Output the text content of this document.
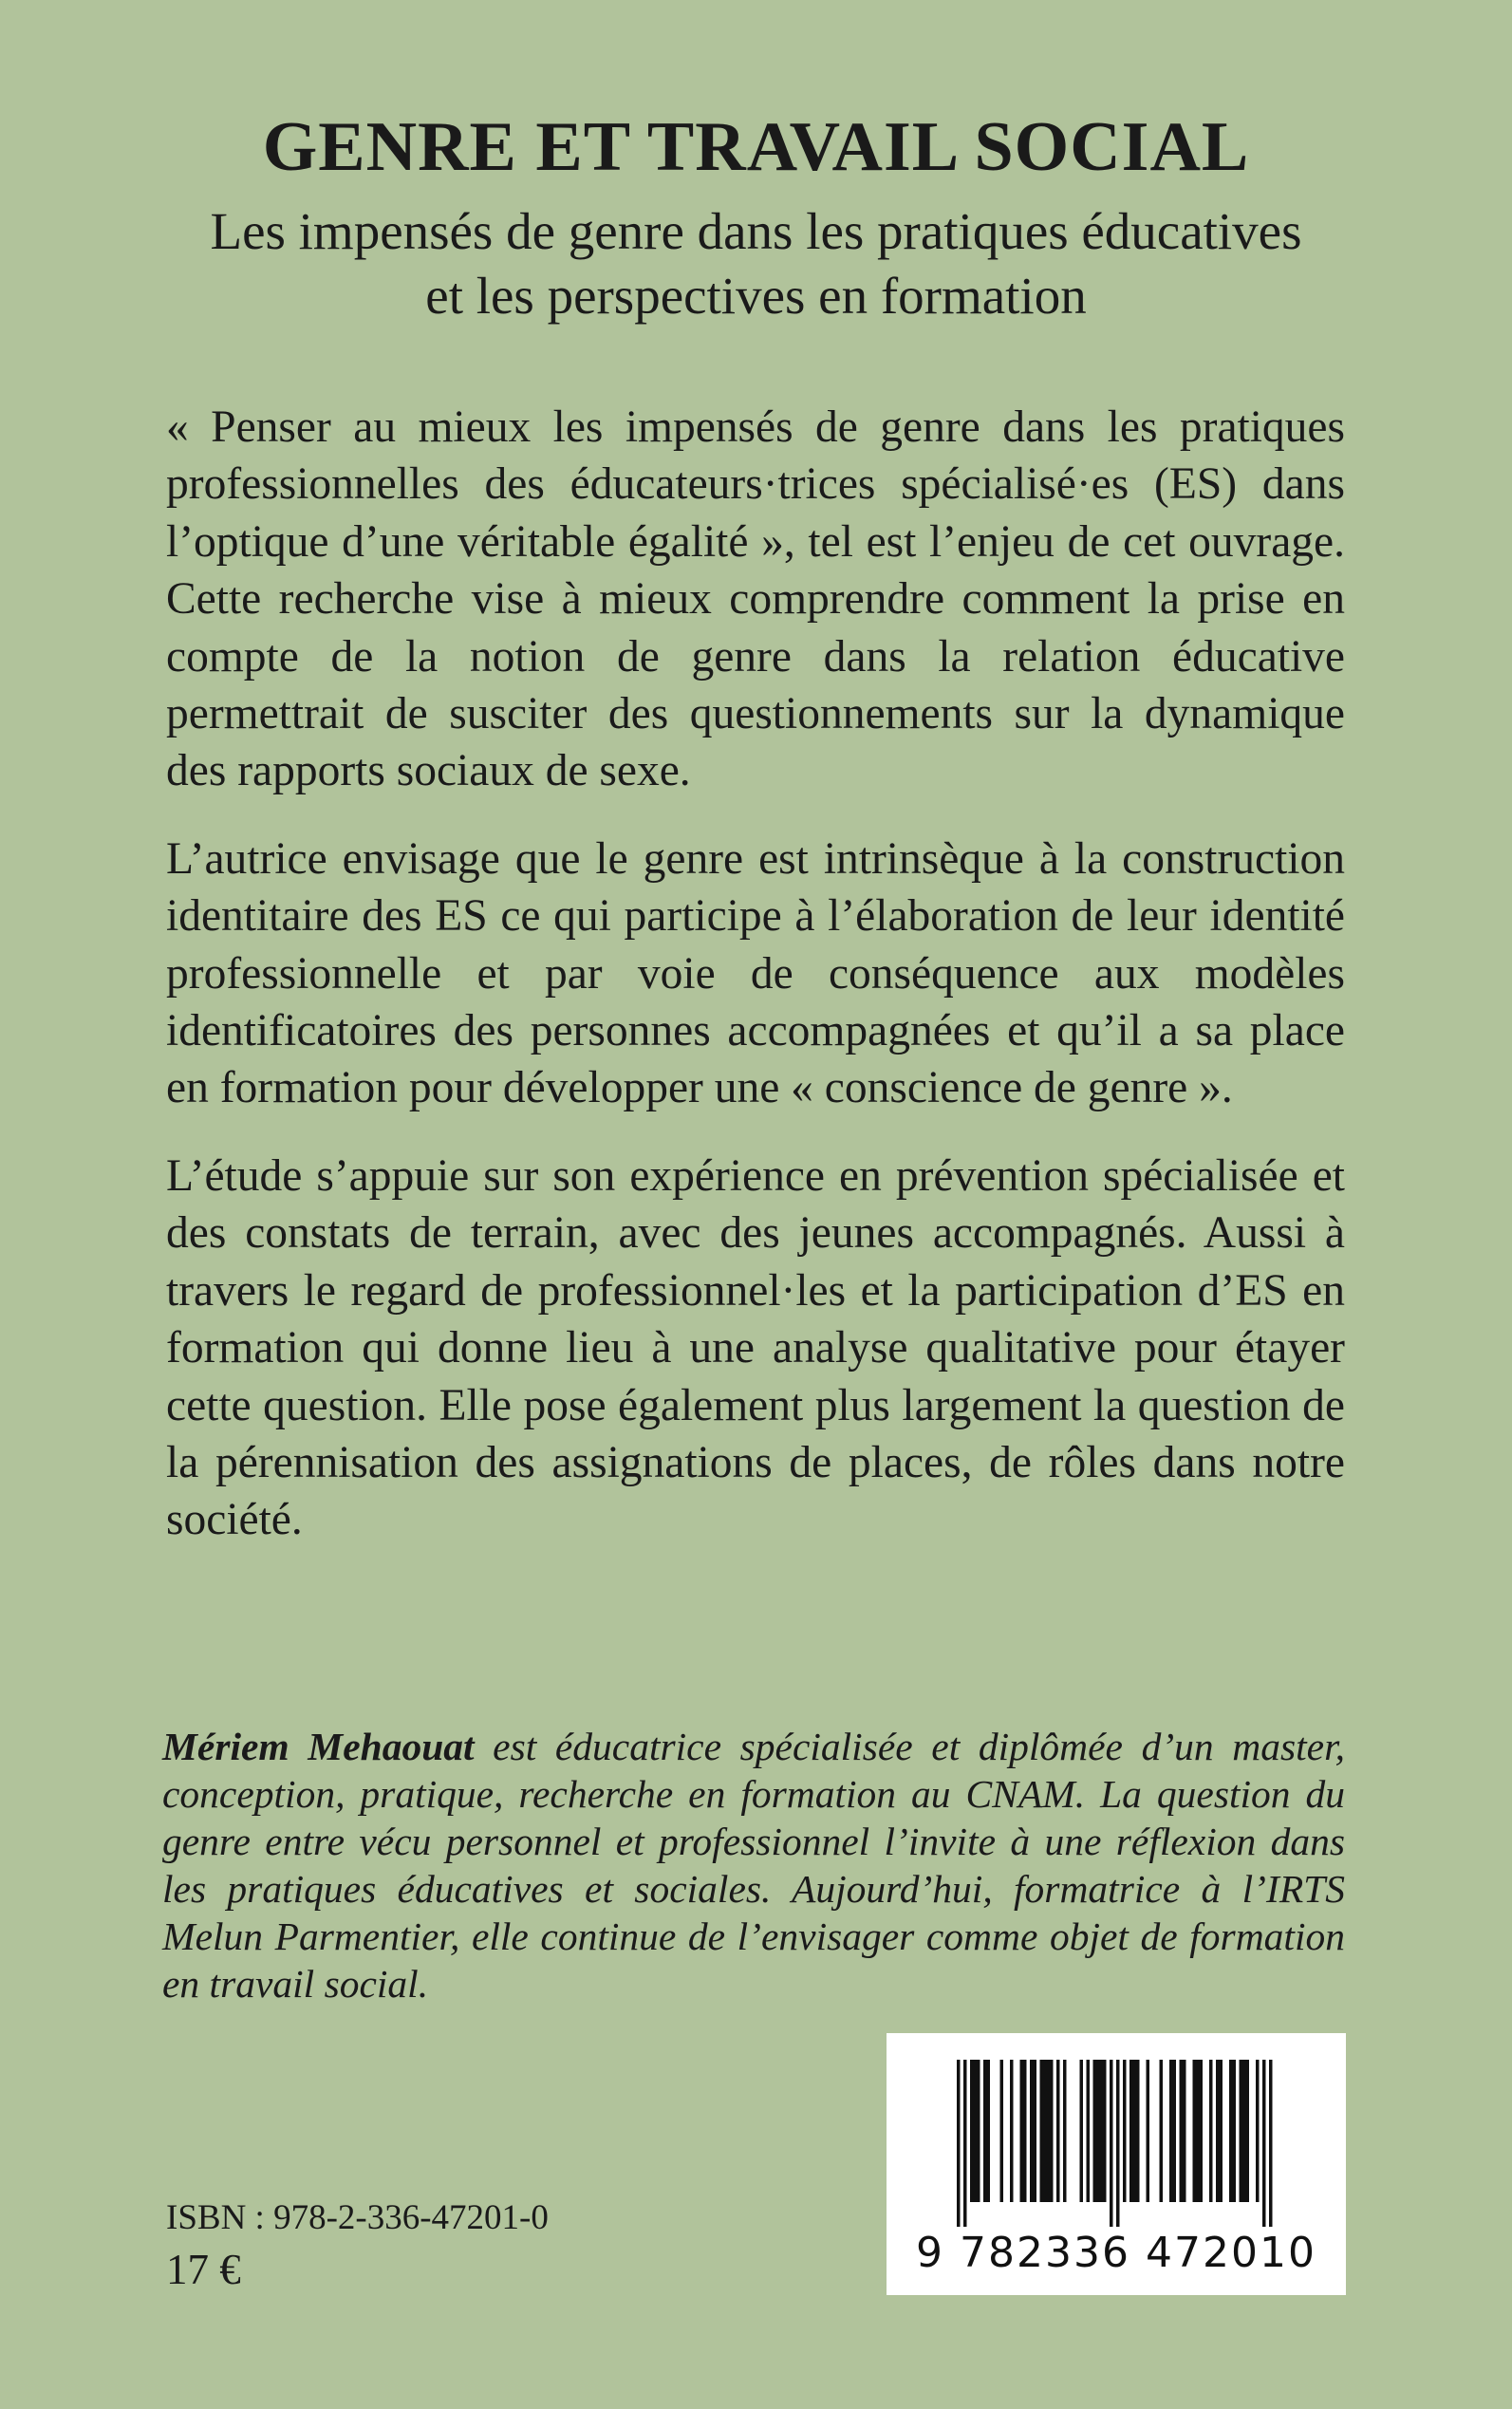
GENRE ET TRAVAIL SOCIAL
Les impensés de genre dans les pratiques éducatives
et les perspectives en formation

« Penser au mieux les impensés de genre dans les pratiques professionnelles des éducateurs·trices spécialisé·es (ES) dans l’optique d’une véritable égalité », tel est l’enjeu de cet ouvrage. Cette recherche vise à mieux comprendre comment la prise en compte de la notion de genre dans la relation éducative permettrait de susciter des questionnements sur la dynamique des rapports sociaux de sexe.

L’autrice envisage que le genre est intrinsèque à la construction identitaire des ES ce qui participe à l’élaboration de leur identité professionnelle et par voie de conséquence aux modèles identificatoires des personnes accompagnées et qu’il a sa place en formation pour développer une « conscience de genre ».

L’étude s’appuie sur son expérience en prévention spécialisée et des constats de terrain, avec des jeunes accompagnés. Aussi à travers le regard de professionnel·les et la participation d’ES en formation qui donne lieu à une analyse qualitative pour étayer cette question. Elle pose également plus largement la question de la pérennisation des assignations de places, de rôles dans notre société.

Mériem Mehaouat est éducatrice spécialisée et diplômée d’un master, conception, pratique, recherche en formation au CNAM. La question du genre entre vécu personnel et professionnel l’invite à une réflexion dans les pratiques éducatives et sociales. Aujourd’hui, formatrice à l’IRTS Melun Parmentier, elle continue de l’envisager comme objet de formation en travail social.

ISBN : 978-2-336-47201-0
17 €	9 782336 472010
